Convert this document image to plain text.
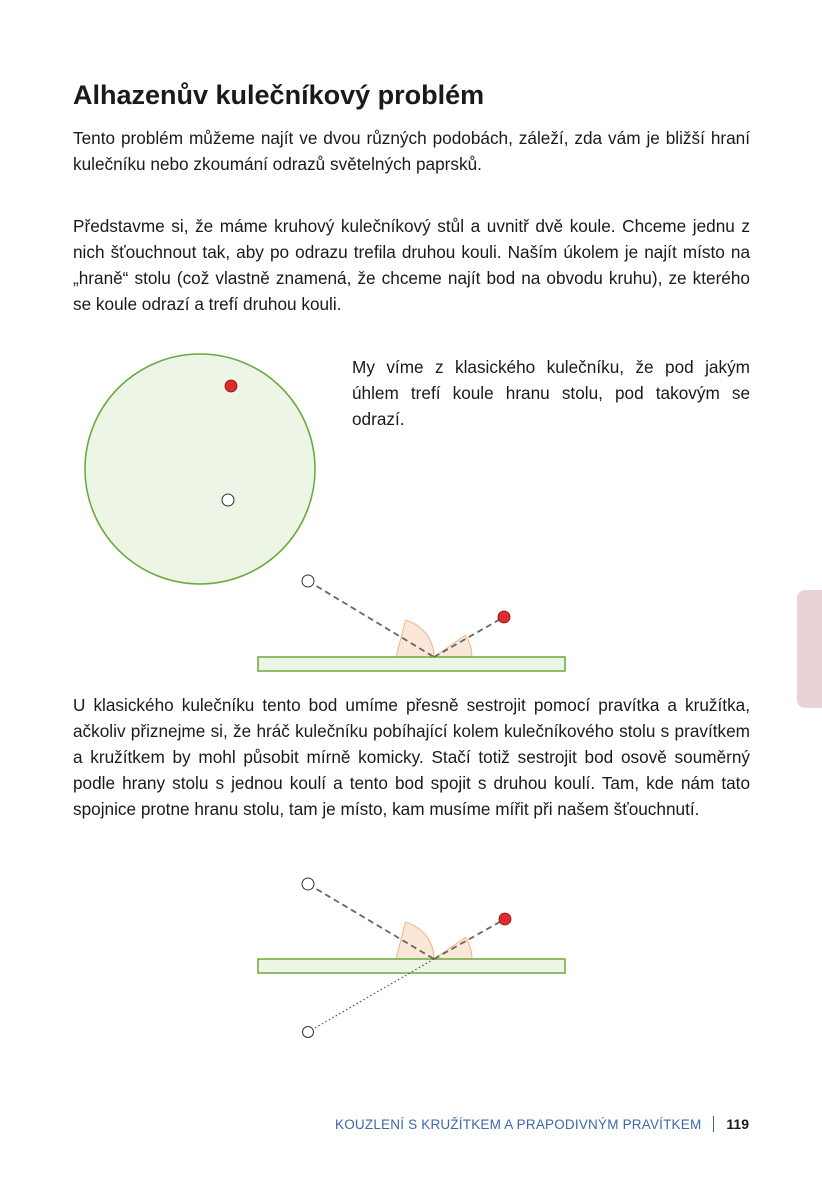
Alhazenův kulečníkový problém

Tento problém můžeme najít ve dvou různých podobách, záleží, zda vám je bližší hraní kulečníku nebo zkoumání odrazů světelných paprsků.

Představme si, že máme kruhový kulečníkový stůl a uvnitř dvě koule. Chceme jednu z nich šťouchnout tak, aby po odrazu trefila druhou kouli. Naším úkolem je najít místo na „hraně“ stolu (což vlastně znamená, že chceme najít bod na obvodu kruhu), ze kterého se koule odrazí a trefí druhou kouli.

My víme z klasického kulečníku, že pod jakým úhlem trefí koule hranu stolu, pod takovým se odrazí.

U klasického kulečníku tento bod umíme přesně sestrojit pomocí pravítka a kružítka, ačkoliv přiznejme si, že hráč kulečníku pobíhající kolem kulečníkového stolu s pravítkem a kružítkem by mohl působit mírně komicky. Stačí totiž sestrojit bod osově souměrný podle hrany stolu s jednou koulí a tento bod spojit s druhou koulí. Tam, kde nám tato spojnice protne hranu stolu, tam je místo, kam musíme mířit při našem šťouchnutí.

KOUZLENÍ S KRUŽÍTKEM A PRAPODIVNÝM PRAVÍTKEM 119
